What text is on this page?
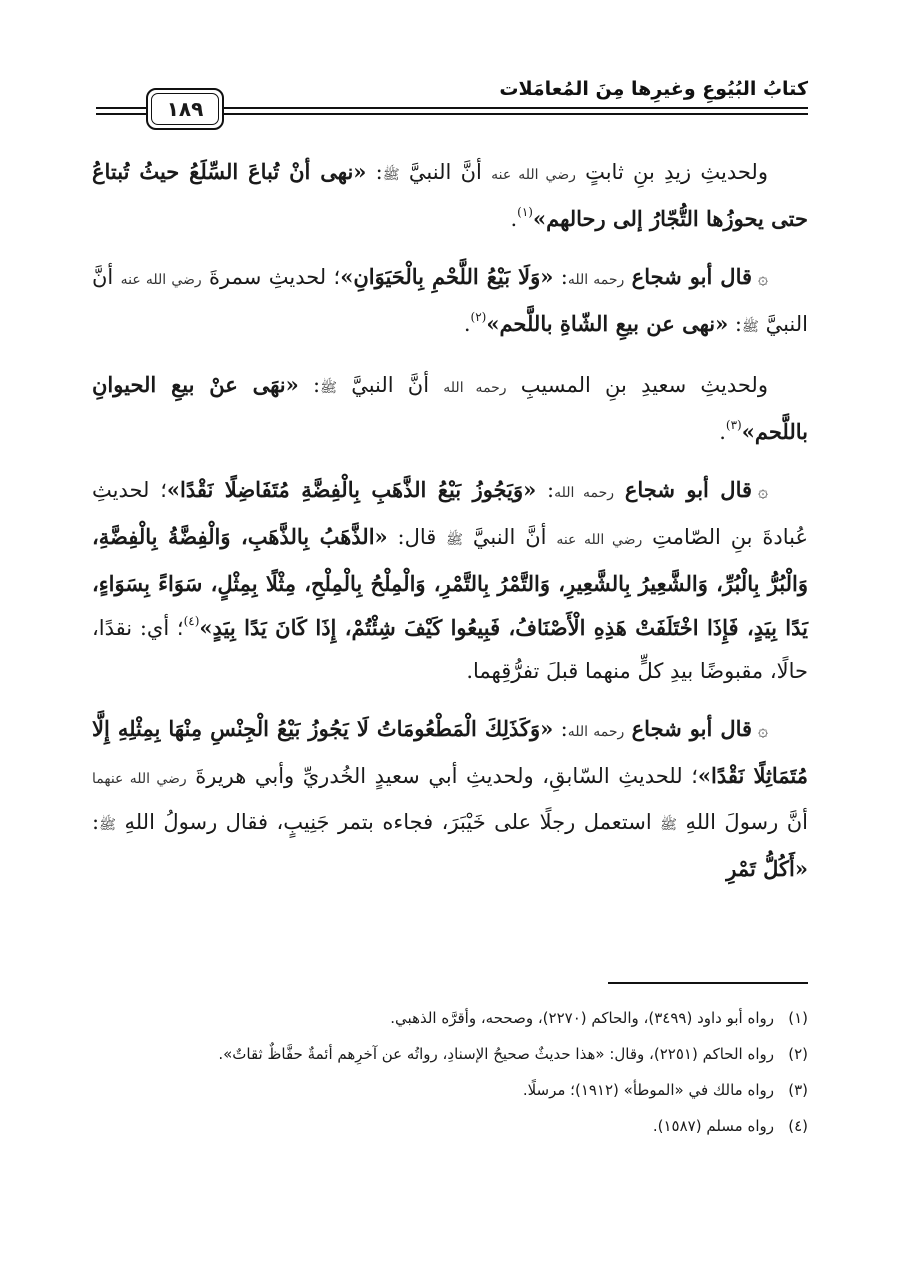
كتابُ البُيُوعِ وغيرِها مِنَ المُعامَلات
١٨٩

ولحديثِ زيدِ بنِ ثابتٍ رضي الله عنه أنَّ النبيَّ ﷺ: «نهى أنْ تُباعَ السِّلَعُ حيثُ تُبتاعُ حتى يحوزُها التُّجّارُ إلى رحالهم»$^{(١)}$.

۞قال أبو شجاع رحمه الله: «وَلَا بَيْعُ اللَّحْمِ بِالْحَيَوَانِ»؛ لحديثِ سمرةَ رضي الله عنه أنَّ النبيَّ ﷺ: «نهى عن بيعِ الشّاةِ باللَّحم»$^{(٢)}$.

ولحديثِ سعيدِ بنِ المسيبِ رحمه الله أنَّ النبيَّ ﷺ: «نهَى عنْ بيعِ الحيوانِ باللَّحم»$^{(٣)}$.

۞قال أبو شجاع رحمه الله: «وَيَجُوزُ بَيْعُ الذَّهَبِ بِالْفِضَّةِ مُتَفَاضِلًا نَقْدًا»؛ لحديثِ عُبادةَ بنِ الصّامتِ رضي الله عنه أنَّ النبيَّ ﷺ قال: «الذَّهَبُ بِالذَّهَبِ، وَالْفِضَّةُ بِالْفِضَّةِ، وَالْبُرُّ بِالْبُرِّ، وَالشَّعِيرُ بِالشَّعِيرِ، وَالتَّمْرُ بِالتَّمْرِ، وَالْمِلْحُ بِالْمِلْحِ، مِثْلًا بِمِثْلٍ، سَوَاءً بِسَوَاءٍ، يَدًا بِيَدٍ، فَإِذَا اخْتَلَفَتْ هَذِهِ الْأَصْنَافُ، فَبِيعُوا كَيْفَ شِئْتُمْ، إِذَا كَانَ يَدًا بِيَدٍ»$^{(٤)}$؛ أي: نقدًا، حالًا، مقبوضًا بيدِ كلٍّ منهما قبلَ تفرُّقِهما.

۞قال أبو شجاع رحمه الله: «وَكَذَلِكَ الْمَطْعُومَاتُ لَا يَجُوزُ بَيْعُ الْجِنْسِ مِنْهَا بِمِثْلِهِ إِلَّا مُتَمَاثِلًا نَقْدًا»؛ للحديثِ السّابقِ، ولحديثِ أبي سعيدٍ الخُدريِّ وأبي هريرةَ رضي الله عنهما أنَّ رسولَ اللهِ ﷺ استعمل رجلًا على خَيْبَرَ، فجاءه بتمر جَنِيبٍ، فقال رسولُ اللهِ ﷺ: «أَكُلُّ تَمْرِ

(١)
رواه أبو داود (٣٤٩٩)، والحاكم (٢٢٧٠)، وصححه، وأقرَّه الذهبي.
(٢)
رواه الحاكم (٢٢٥١)، وقال: «هذا حديثٌ صحيحُ الإسنادِ، رواتُه عن آخرِهم أئمةٌ حفَّاظٌ ثقاتٌ».
(٣)
رواه مالك في «الموطأ» (١٩١٢)؛ مرسلًا.
(٤)
رواه مسلم (١٥٨٧).
